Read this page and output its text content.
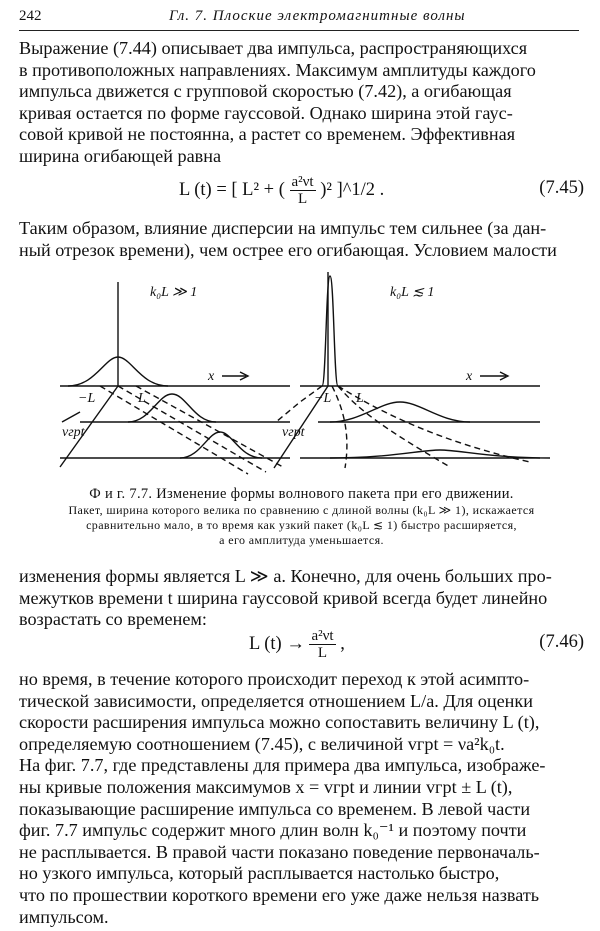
242	Гл. 7. Плоские электромагнитные волны
Выражение (7.44) описывает два импульса, распространяющихся
в противоположных направлениях. Максимум амплитуды каждого
импульса движется с групповой скоростью (7.42), а огибающая
кривая остается по форме гауссовой. Однако ширина этой гаус-
совой кривой не постоянна, а растет со временем. Эффективная
ширина огибающей равна
L (t) = [ L² + ( $\frac{\text{a²νt}}{L} )^2$ ]^1/2 .	(7.45)
Таким образом, влияние дисперсии на импульс тем сильнее (за дан-
ный отрезок времени), чем острее его огибающая. Условием малости
k₀L ≫ 1	k₀L ≲ 1
x	x
−L	L	−L L
vгрt	vгрt
Ф и г. 7.7. Изменение формы волнового пакета при его движении.
Пакет, ширина которого велика по сравнению с длиной волны (k₀L ≫ 1), искажается
сравнительно мало, в то время как узкий пакет (k₀L ≲ 1) быстро расширяется,
а его амплитуда уменьшается.
изменения формы является L ≫ a. Конечно, для очень больших про-
межутков времени t ширина гауссовой кривой всегда будет линейно
возрастать со временем:
L $(t) \to \frac{\text{a²νt}}{L}$ ,	(7.46)
но время, в течение которого происходит переход к этой асимпто-
тической зависимости, определяется отношением L/a. Для оценки
скорости расширения импульса можно сопоставить величину L (t),
определяемую соотношением (7.45), с величиной vгрt = νa²k₀t.
На фиг. 7.7, где представлены для примера два импульса, изображе-
ны кривые положения максимумов x = vгрt и линии vгрt ± L (t),
показывающие расширение импульса со временем. В левой части
фиг. 7.7 импульс содержит много длин волн k₀⁻¹ и поэтому почти
не расплывается. В правой части показано поведение первоначаль-
но узкого импульса, который расплывается настолько быстро,
что по прошествии короткого времени его уже даже нельзя назвать
импульсом.
